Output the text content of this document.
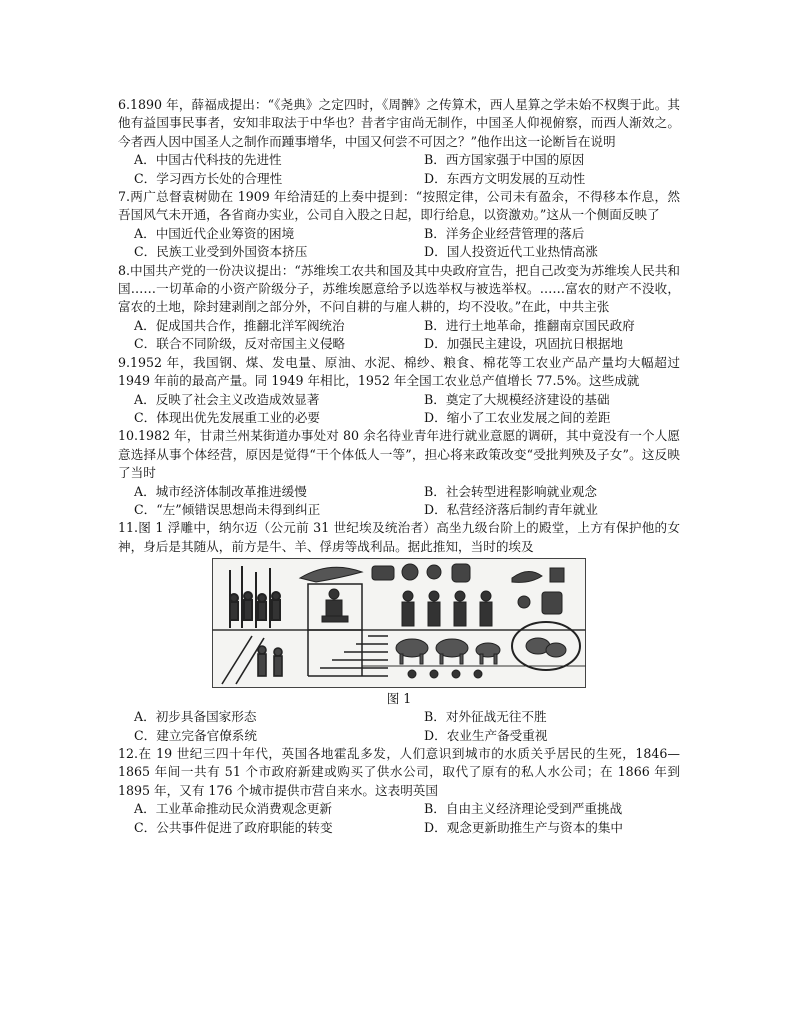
6.1890 年，薛福成提出：“《尧典》之定四时，《周髀》之传算术，西人星算之学未始不权舆于此。其他有益国事民事者，安知非取法于中华也？昔者宇宙尚无制作，中国圣人仰视俯察，而西人渐效之。今者西人因中国圣人之制作而踵事增华，中国又何尝不可因之？”他作出这一论断旨在说明

A．中国古代科技的先进性	B．西方国家强于中国的原因
C．学习西方长处的合理性	D．东西方文明发展的互动性

7.两广总督袁树勋在 1909 年给清廷的上奏中提到：“按照定律，公司未有盈余，不得移本作息，然吾国风气未开通，各省商办实业，公司自入股之日起，即行给息，以资激劝。”这从一个侧面反映了

A．中国近代企业筹资的困境	B．洋务企业经营管理的落后
C．民族工业受到外国资本挤压	D．国人投资近代工业热情高涨

8.中国共产党的一份决议提出：“苏维埃工农共和国及其中央政府宣告，把自己改变为苏维埃人民共和国……一切革命的小资产阶级分子，苏维埃愿意给予以选举权与被选举权。……富农的财产不没收，富农的土地，除封建剥削之部分外，不问自耕的与雇人耕的，均不没收。”在此，中共主张

A．促成国共合作，推翻北洋军阀统治	B．进行土地革命，推翻南京国民政府
C．联合不同阶级，反对帝国主义侵略	D．加强民主建设，巩固抗日根据地

9.1952 年，我国钢、煤、发电量、原油、水泥、棉纱、粮食、棉花等工农业产品产量均大幅超过 1949 年前的最高产量。同 1949 年相比，1952 年全国工农业总产值增长 77.5%。这些成就

A．反映了社会主义改造成效显著	B．奠定了大规模经济建设的基础
C．体现出优先发展重工业的必要	D．缩小了工农业发展之间的差距

10.1982 年，甘肃兰州某街道办事处对 80 余名待业青年进行就业意愿的调研，其中竟没有一个人愿意选择从事个体经营，原因是觉得“干个体低人一等”，担心将来政策改变“受批判殃及子女”。这反映了当时

A．城市经济体制改革推进缓慢	B．社会转型进程影响就业观念
C．“左”倾错误思想尚未得到纠正	D．私营经济落后制约青年就业

11.图 1 浮雕中，纳尔迈（公元前 31 世纪埃及统治者）高坐九级台阶上的殿堂，上方有保护他的女神，身后是其随从，前方是牛、羊、俘虏等战利品。据此推知，当时的埃及

图 1
A．初步具备国家形态	B．对外征战无往不胜
C．建立完备官僚系统	D．农业生产备受重视

12.在 19 世纪三四十年代，英国各地霍乱多发，人们意识到城市的水质关乎居民的生死，1846—1865 年间一共有 51 个市政府新建或购买了供水公司，取代了原有的私人水公司；在 1866 年到 1895 年，又有 176 个城市提供市营自来水。这表明英国

A．工业革命推动民众消费观念更新	B．自由主义经济理论受到严重挑战
C．公共事件促进了政府职能的转变	D．观念更新助推生产与资本的集中
